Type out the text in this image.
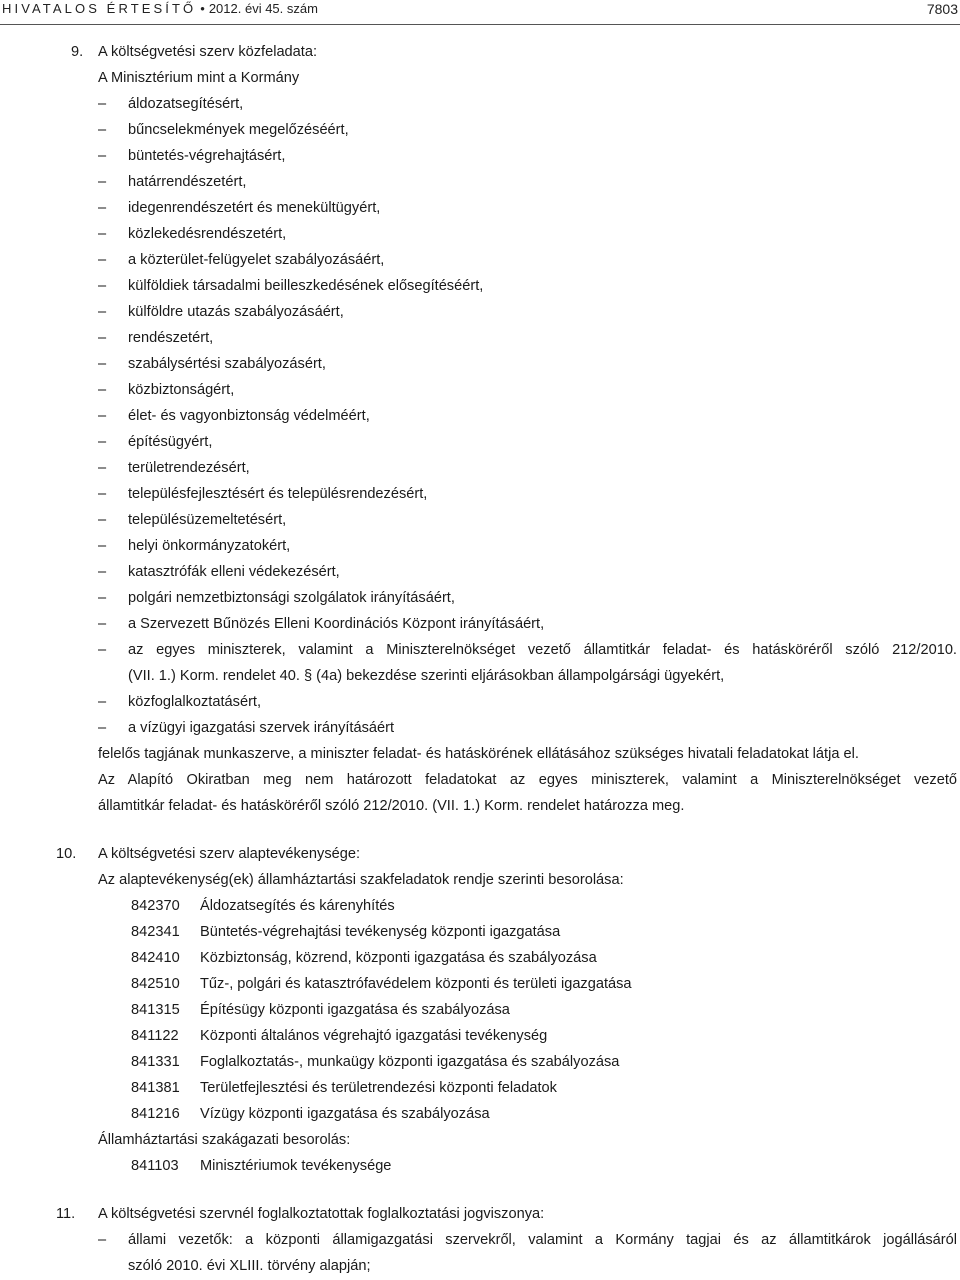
HIVATALOS ÉRTESÍTŐ • 2012. évi 45. szám	7803
9. A költségvetési szerv közfeladata:
A Minisztérium mint a Kormány
– áldozatsegítésért,
– bűncselekmények megelőzéséért,
– büntetés-végrehajtásért,
– határrendészetért,
– idegenrendészetért és menekültügyért,
– közlekedésrendészetért,
– a közterület-felügyelet szabályozásáért,
– külföldiek társadalmi beilleszkedésének elősegítéséért,
– külföldre utazás szabályozásáért,
– rendészetért,
– szabálysértési szabályozásért,
– közbiztonságért,
– élet- és vagyonbiztonság védelméért,
– építésügyért,
– területrendezésért,
– településfejlesztésért és településrendezésért,
– településüzemeltetésért,
– helyi önkormányzatokért,
– katasztrófák elleni védekezésért,
– polgári nemzetbiztonsági szolgálatok irányításáért,
– a Szervezett Bűnözés Elleni Koordinációs Központ irányításáért,
– az egyes miniszterek, valamint a Miniszterelnökséget vezető államtitkár feladat- és hatásköréről szóló 212/2010.
(VII. 1.) Korm. rendelet 40. § (4a) bekezdése szerinti eljárásokban állampolgársági ügyekért,
– közfoglalkoztatásért,
– a vízügyi igazgatási szervek irányításáért
felelős tagjának munkaszerve, a miniszter feladat- és hatáskörének ellátásához szükséges hivatali feladatokat látja el.
Az Alapító Okiratban meg nem határozott feladatokat az egyes miniszterek, valamint a Miniszterelnökséget vezető
államtitkár feladat- és hatásköréről szóló 212/2010. (VII. 1.) Korm. rendelet határozza meg.
10. A költségvetési szerv alaptevékenysége:
Az alaptevékenység(ek) államháztartási szakfeladatok rendje szerinti besorolása:
842370 Áldozatsegítés és kárenyhítés
842341 Büntetés-végrehajtási tevékenység központi igazgatása
842410 Közbiztonság, közrend, központi igazgatása és szabályozása
842510 Tűz-, polgári és katasztrófavédelem központi és területi igazgatása
841315 Építésügy központi igazgatása és szabályozása
841122 Központi általános végrehajtó igazgatási tevékenység
841331 Foglalkoztatás-, munkaügy központi igazgatása és szabályozása
841381 Területfejlesztési és területrendezési központi feladatok
841216 Vízügy központi igazgatása és szabályozása
Államháztartási szakágazati besorolás:
841103 Minisztériumok tevékenysége
11. A költségvetési szervnél foglalkoztatottak foglalkoztatási jogviszonya:
– állami vezetők: a központi államigazgatási szervekről, valamint a Kormány tagjai és az államtitkárok jogállásáról
szóló 2010. évi XLIII. törvény alapján;
